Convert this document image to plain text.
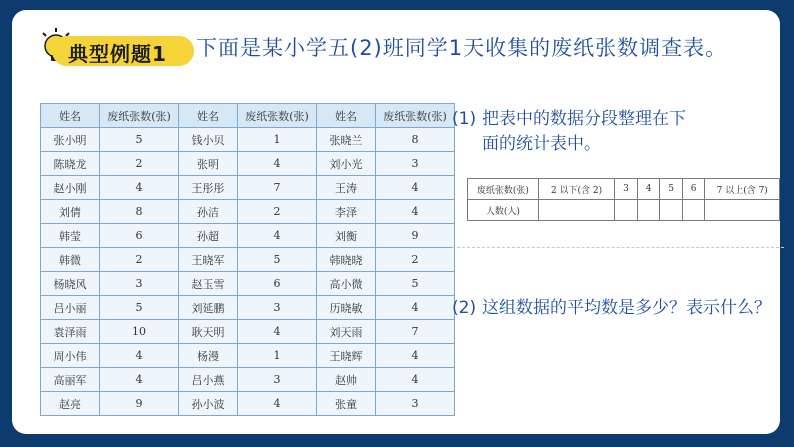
典型例题1 下面是某小学五(2)班同学1天收集的废纸张数调查表。
姓名	废纸张数(张)	姓名	废纸张数(张)	姓名	废纸张数(张)
张小明	5	钱小贝	1	张晓兰	8
陈晓龙	2	张明	4	刘小光	3
赵小刚	4	王彤彤	7	王涛	4
刘倩	8	孙洁	2	李泽	4
韩莹	6	孙超	4	刘衡	9
韩微	2	王晓军	5	韩晓晓	2
杨晓风	3	赵玉雪	6	高小微	5
吕小丽	5	刘延鹏	3	历晓敏	4
袁泽雨	10	耿天明	4	刘天雨	7
周小伟	4	杨漫	1	王晓辉	4
高丽军	4	吕小燕	3	赵帅	4
赵亮	9	孙小波	4	张童	3
(1) 把表中的数据分段整理在下面的统计表中。
废纸张数(张)	2 以下(含 2)	3	4	5	6	7 以上(含 7)
人数(人)						
(2) 这组数据的平均数是多少？表示什么？
